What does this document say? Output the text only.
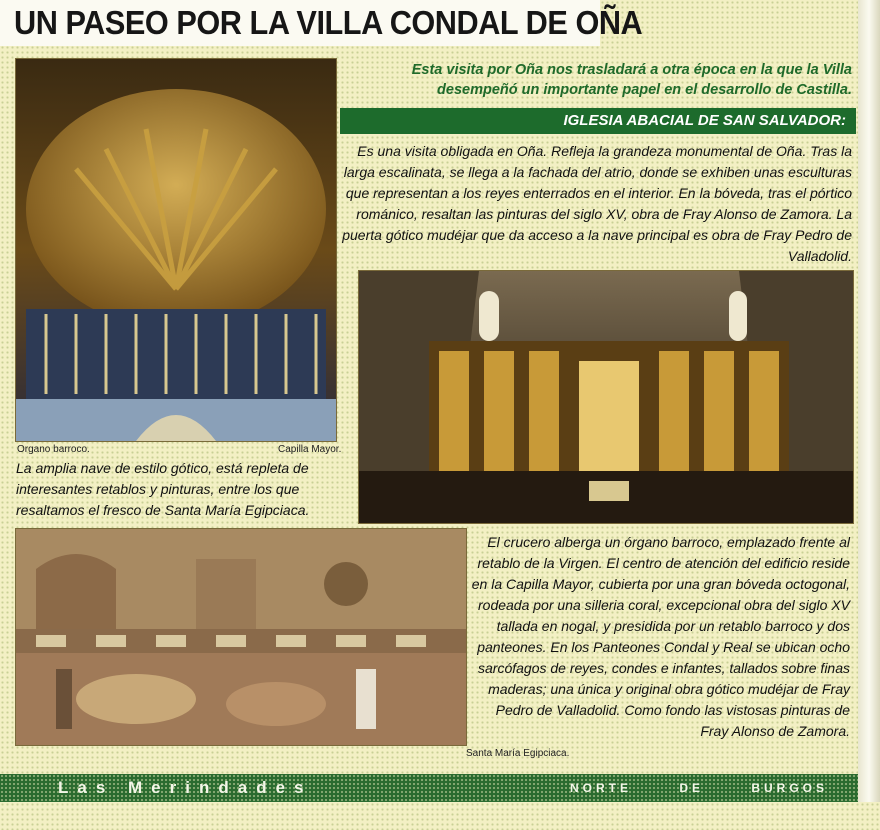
UN PASEO POR LA VILLA CONDAL DE OÑA
Organo barroco.	Capilla Mayor.
La amplia nave de estilo gótico, está repleta de interesantes retablos y pinturas, entre los que resaltamos el fresco de Santa María Egipciaca.
Esta visita por Oña nos trasladará a otra época en la que la Villa desempeñó un importante papel en el desarrollo de Castilla.
IGLESIA ABACIAL DE SAN SALVADOR:
Es una visita obligada en Oña. Refleja la grandeza monumental de Oña. Tras la larga escalinata, se llega a la fachada del atrio, donde se exhiben unas esculturas que representan a los reyes enterrados en el interior. En la bóveda, tras el pórtico románico, resaltan las pinturas del siglo XV, obra de Fray Alonso de Zamora. La puerta gótico mudéjar que da acceso a la nave principal es obra de Fray Pedro de Valladolid.
Santa María Egipciaca.
El crucero alberga un órgano barroco, emplazado frente al retablo de la Virgen. El centro de atención del edificio reside en la Capilla Mayor, cubierta por una gran bóveda octogonal, rodeada por una silleria coral, excepcional obra del siglo XV tallada en nogal, y presidida por un retablo barroco y dos panteones. En los Panteones Condal y Real se ubican ocho sarcófagos de reyes, condes e infantes, tallados sobre finas maderas; una única y original obra gótico mudéjar de Fray Pedro de Valladolid. Como fondo las vistosas pinturas de Fray Alonso de Zamora.
Las Merindades	NORTE DE BURGOS
